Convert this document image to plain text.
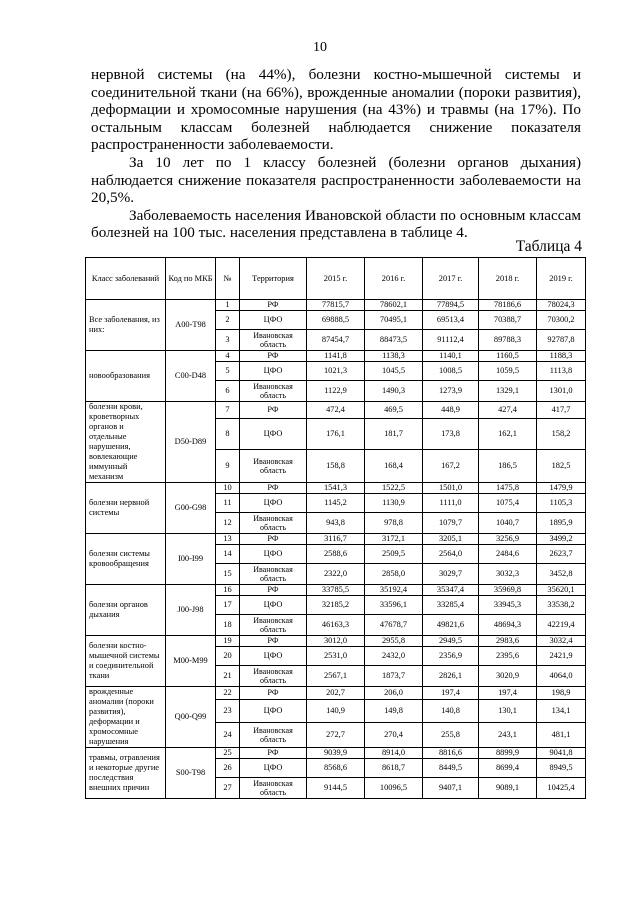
10

нервной системы (на 44%), болезни костно-мышечной системы и соединительной ткани (на 66%), врожденные аномалии (пороки развития), деформации и хромосомные нарушения (на 43%) и травмы (на 17%). По остальным классам болезней наблюдается снижение показателя распространенности заболеваемости.

За 10 лет по 1 классу болезней (болезни органов дыхания) наблюдается снижение показателя распространенности заболеваемости на 20,5%.

Заболеваемость населения Ивановской области по основным классам болезней на 100 тыс. населения представлена в таблице 4.

Таблица 4
Класс заболеваний	Код по МКБ	№	Территория	2015 г.	2016 г.	2017 г.	2018 г.	2019 г.
Все заболевания, из них:	A00-T98	1	РФ	77815,7	78602,1	77894,5	78186,6	78024,3
		2	ЦФО	69888,5	70495,1	69513,4	70388,7	70300,2
		3	Ивановская область	87454,7	88473,5	91112,4	89788,3	92787,8
новообразования	C00-D48	4	РФ	1141,8	1138,3	1140,1	1160,5	1188,3
		5	ЦФО	1021,3	1045,5	1008,5	1059,5	1113,8
		6	Ивановская область	1122,9	1490,3	1273,9	1329,1	1301,0
болезни крови, кроветворных органов и отдельные нарушения, вовлекающие иммунный механизм	D50-D89	7	РФ	472,4	469,5	448,9	427,4	417,7
		8	ЦФО	176,1	181,7	173,8	162,1	158,2
		9	Ивановская область	158,8	168,4	167,2	186,5	182,5
болезни нервной системы	G00-G98	10	РФ	1541,3	1522,5	1501,0	1475,8	1479,9
		11	ЦФО	1145,2	1130,9	1111,0	1075,4	1105,3
		12	Ивановская область	943,8	978,8	1079,7	1040,7	1895,9
болезни системы кровообращения	I00-I99	13	РФ	3116,7	3172,1	3205,1	3256,9	3499,2
		14	ЦФО	2588,6	2509,5	2564,0	2484,6	2623,7
		15	Ивановская область	2322,0	2858,0	3029,7	3032,3	3452,8
болезни органов дыхания	J00-J98	16	РФ	33785,5	35192,4	35347,4	35969,8	35620,1
		17	ЦФО	32185,2	33596,1	33285,4	33945,3	33538,2
		18	Ивановская область	46163,3	47678,7	49821,6	48694,3	42219,4
болезни костно-мышечной системы и соединительной ткани	M00-M99	19	РФ	3012,0	2955,8	2949,5	2983,6	3032,4
		20	ЦФО	2531,0	2432,0	2356,9	2395,6	2421,9
		21	Ивановская область	2567,1	1873,7	2826,1	3020,9	4064,0
врожденные аномалии (пороки развития), деформации и хромосомные нарушения	Q00-Q99	22	РФ	202,7	206,0	197,4	197,4	198,9
		23	ЦФО	140,9	149,8	140,8	130,1	134,1
		24	Ивановская область	272,7	270,4	255,8	243,1	481,1
травмы, отравления и некоторые другие последствия внешних причин	S00-T98	25	РФ	9039,9	8914,0	8816,6	8899,9	9041,8
		26	ЦФО	8568,6	8618,7	8449,5	8699,4	8949,5
		27	Ивановская область	9144,5	10096,5	9407,1	9089,1	10425,4
